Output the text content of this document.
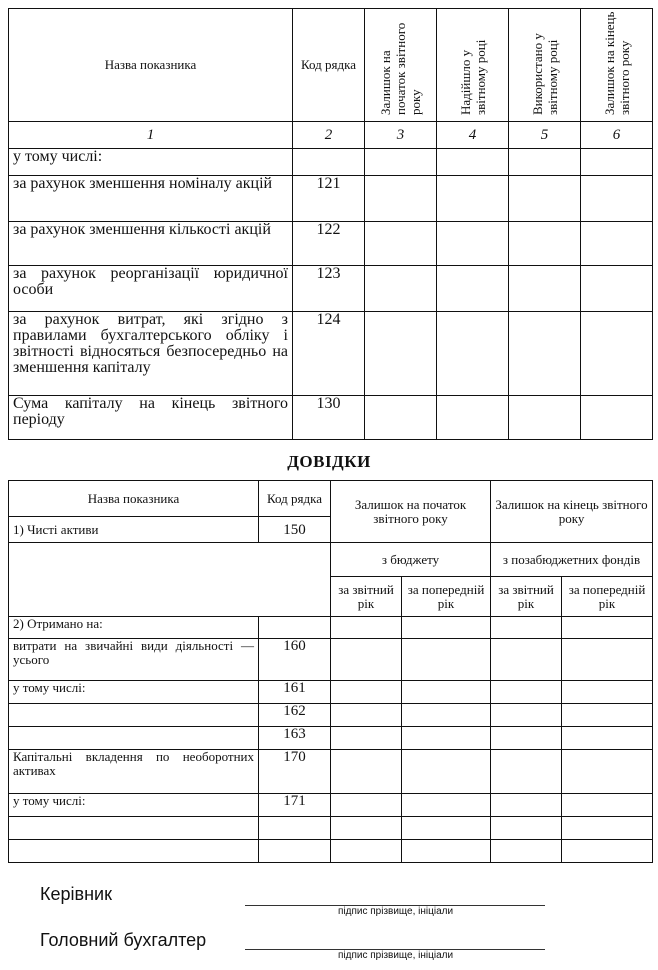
Назва показника	Код рядка	Залишок на початок звітного року	Надійшло у звітному році	Використано у звітному році	Залишок на кінець звітного року
1	2	3	4	5	6
у тому числі:					
за рахунок зменшення номіналу акцій	121				
за рахунок зменшення кількості акцій	122				
за рахунок реорганізації юридичної особи	123				
за рахунок витрат, які згідно з правилами бухгалтерського обліку і звітності відносяться безпосередньо на зменшення капіталу	124				
Сума капіталу на кінець звітного періоду	130				
ДОВІДКИ
Назва показника	Код рядка	Залишок на початок звітного року		Залишок на кінець звітного року	
1) Чисті активи	150				
		з бюджету		з позабюджетних фондів	
		за звітний рік	за попередній рік	за звітний рік	за попередній рік
2) Отримано на:					
витрати на звичайні види діяльності — усього	160				
у тому числі:	161				
	162				
	163				
Капітальні вкладення по необоротних активах	170				
у тому числі:	171				

Керівник
підпис прізвище, ініціали
Головний бухгалтер
підпис прізвище, ініціали
